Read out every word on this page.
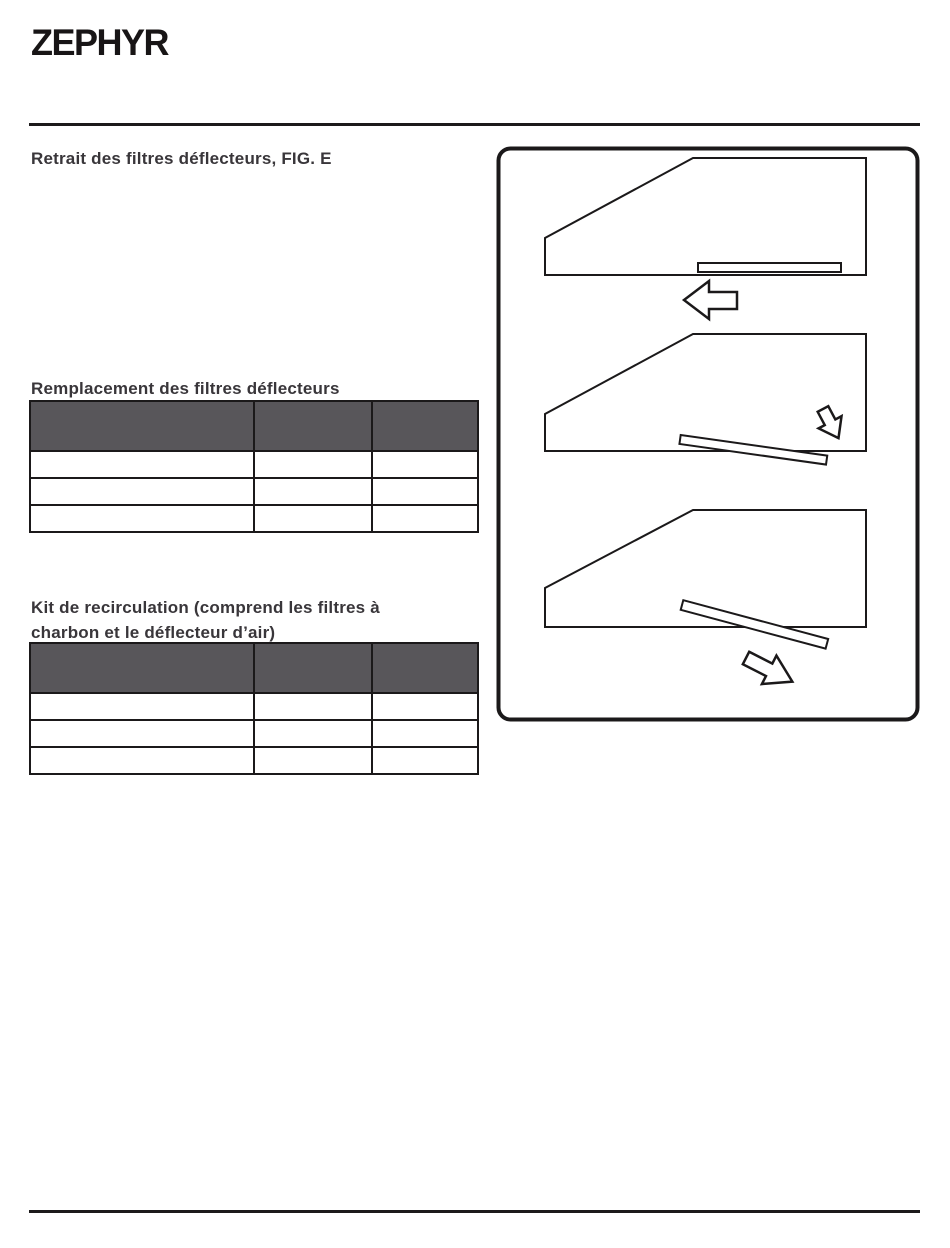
ZEPHYR
Retrait des filtres déflecteurs, FIG. E
Remplacement des filtres déflecteurs

Kit de recirculation (comprend les filtres à charbon et le déflecteur d’air)
